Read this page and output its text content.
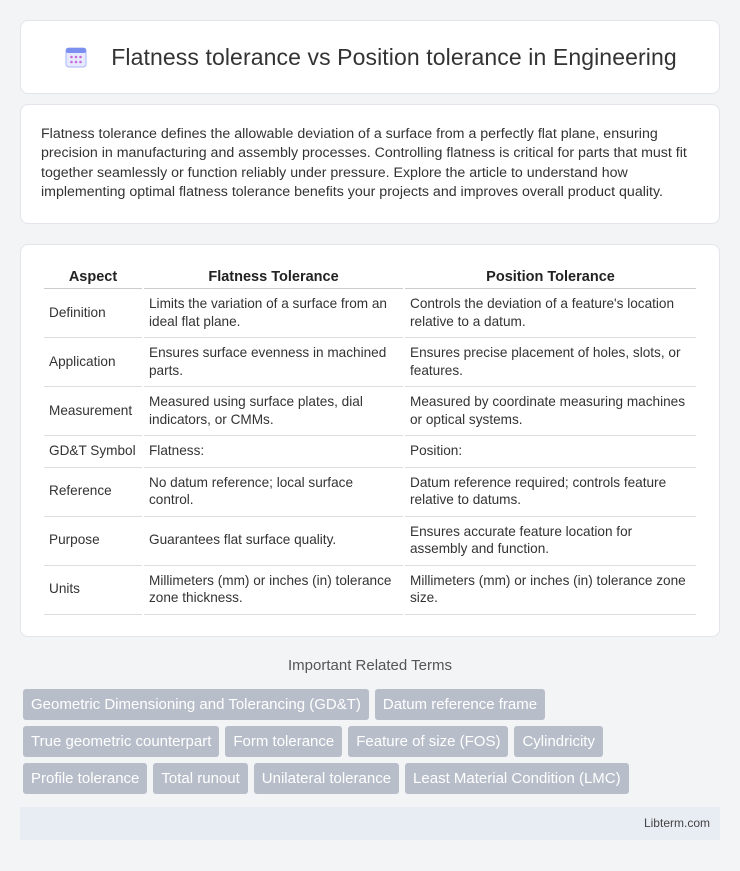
Flatness tolerance vs Position tolerance in Engineering

Flatness tolerance defines the allowable deviation of a surface from a perfectly flat plane, ensuring precision in manufacturing and assembly processes. Controlling flatness is critical for parts that must fit together seamlessly or function reliably under pressure. Explore the article to understand how implementing optimal flatness tolerance benefits your projects and improves overall product quality.

Aspect	Flatness Tolerance	Position Tolerance
Definition	Limits the variation of a surface from an ideal flat plane.	Controls the deviation of a feature's location relative to a datum.
Application	Ensures surface evenness in machined parts.	Ensures precise placement of holes, slots, or features.
Measurement	Measured using surface plates, dial indicators, or CMMs.	Measured by coordinate measuring machines or optical systems.
GD&T Symbol	Flatness:	Position:
Reference	No datum reference; local surface control.	Datum reference required; controls feature relative to datums.
Purpose	Guarantees flat surface quality.	Ensures accurate feature location for assembly and function.
Units	Millimeters (mm) or inches (in) tolerance zone thickness.	Millimeters (mm) or inches (in) tolerance zone size.
Important Related Terms
Geometric Dimensioning and Tolerancing (GD&T)	Datum reference frame
True geometric counterpart	Form tolerance	Feature of size (FOS)	Cylindricity
Profile tolerance	Total runout	Unilateral tolerance	Least Material Condition (LMC)
Libterm.com
